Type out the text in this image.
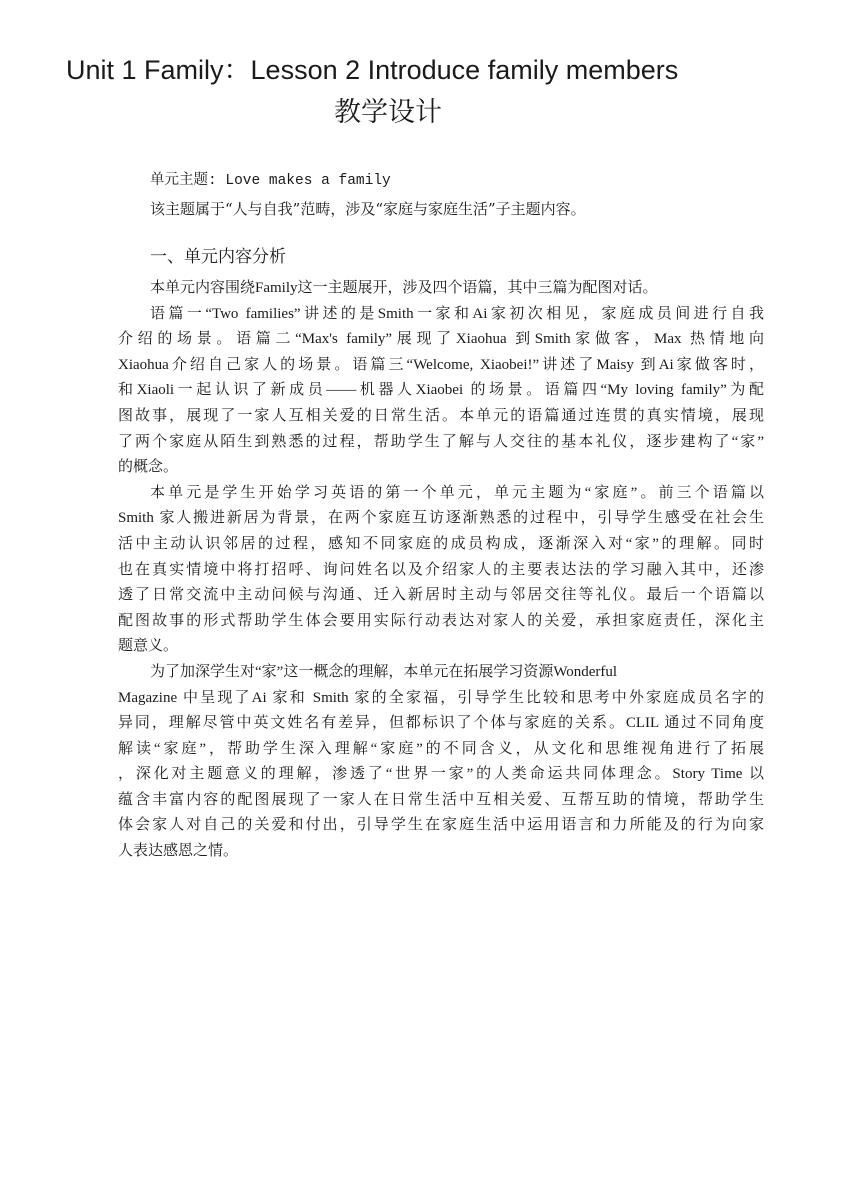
Unit 1 Family：Lesson 2 Introduce family members
教学设计
单元主题: Love makes a family
该主题属于“人与自我”范畴，涉及“家庭与家庭生活”子主题内容。
一、单元内容分析
本单元内容围绕Family这一主题展开，涉及四个语篇，其中三篇为配图对话。
语篇一“Two families”讲述的是Smith一家和Ai家初次相见，家庭成员间进行自我
介绍的场景。语篇二“Max's family”展现了Xiaohua 到Smith家做客，Max 热情地向
Xiaohua介绍自己家人的场景。语篇三“Welcome, Xiaobei!”讲述了Maisy 到Ai家做客时，
和Xiaoli一起认识了新成员——机器人Xiaobei 的场景。语篇四“My loving family”为配
图故事，展现了一家人互相关爱的日常生活。本单元的语篇通过连贯的真实情境，展现
了两个家庭从陌生到熟悉的过程，帮助学生了解与人交往的基本礼仪，逐步建构了“家”
的概念。
本单元是学生开始学习英语的第一个单元，单元主题为“家庭”。前三个语篇以
Smith 家人搬进新居为背景，在两个家庭互访逐渐熟悉的过程中，引导学生感受在社会生
活中主动认识邻居的过程，感知不同家庭的成员构成，逐渐深入对“家”的理解。同时
也在真实情境中将打招呼、询问姓名以及介绍家人的主要表达法的学习融入其中，还渗
透了日常交流中主动问候与沟通、迁入新居时主动与邻居交往等礼仪。最后一个语篇以
配图故事的形式帮助学生体会要用实际行动表达对家人的关爱，承担家庭责任，深化主
题意义。
为了加深学生对“家”这一概念的理解，本单元在拓展学习资源Wonderful
Magazine 中呈现了Ai 家和 Smith 家的全家福，引导学生比较和思考中外家庭成员名字的
异同，理解尽管中英文姓名有差异，但都标识了个体与家庭的关系。CLIL 通过不同角度
解读“家庭”，帮助学生深入理解“家庭”的不同含义，从文化和思维视角进行了拓展
，深化对主题意义的理解，渗透了“世界一家”的人类命运共同体理念。Story Time 以
蕴含丰富内容的配图展现了一家人在日常生活中互相关爱、互帮互助的情境，帮助学生
体会家人对自己的关爱和付出，引导学生在家庭生活中运用语言和力所能及的行为向家
人表达感恩之情。
